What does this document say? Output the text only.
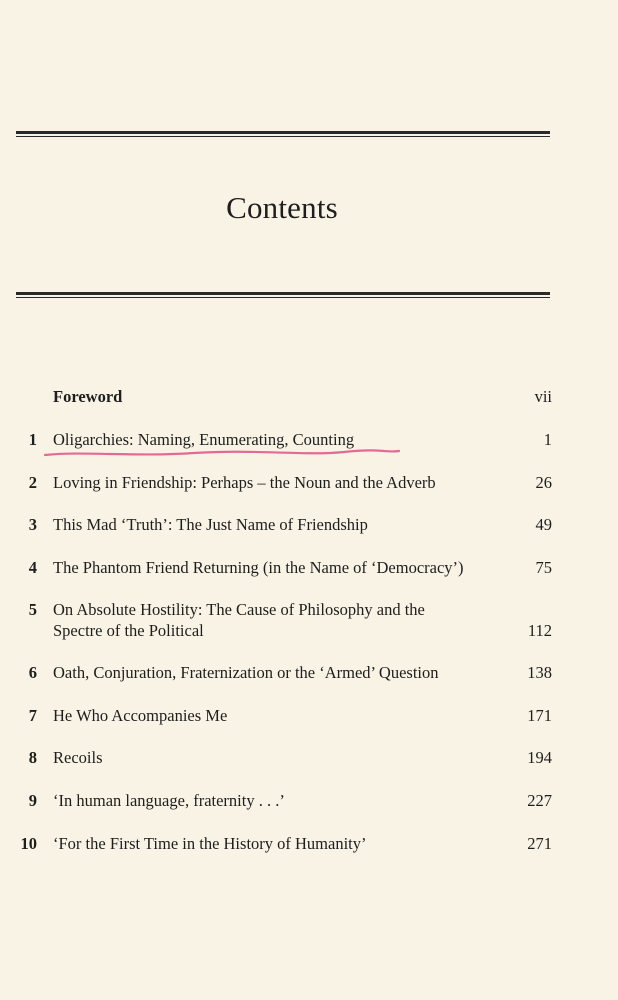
Contents
Foreword	vii
1 Oligarchies: Naming, Enumerating, Counting	1
2 Loving in Friendship: Perhaps – the Noun and the Adverb	26
3 This Mad ‘Truth’: The Just Name of Friendship	49
4 The Phantom Friend Returning (in the Name of ‘Democracy’)	75
5 On Absolute Hostility: The Cause of Philosophy and the
Spectre of the Political	112
6 Oath, Conjuration, Fraternization or the ‘Armed’ Question	138
7 He Who Accompanies Me	171
8 Recoils	194
9 ‘In human language, fraternity . . .’	227
10 ‘For the First Time in the History of Humanity’	271
